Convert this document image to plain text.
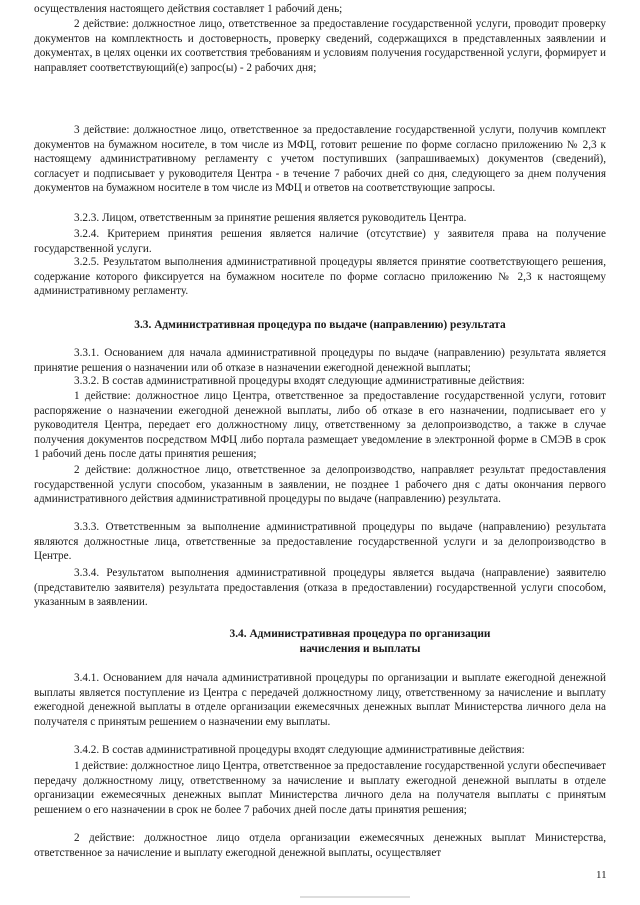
осуществления настоящего действия составляет 1 рабочий день;

2 действие: должностное лицо, ответственное за предоставление государственной услуги, проводит проверку документов на комплектность и достоверность, проверку сведений, содержащихся в представленных заявлении и документах, в целях оценки их соответствия требованиям и условиям получения государственной услуги, формирует и направляет соответствующий(е) запрос(ы) - 2 рабочих дня;

3 действие: должностное лицо, ответственное за предоставление государственной услуги, получив комплект документов на бумажном носителе, в том числе из МФЦ, готовит решение по форме согласно приложению № 2,3 к настоящему административному регламенту с учетом поступивших (запрашиваемых) документов (сведений), согласует и подписывает у руководителя Центра - в течение 7 рабочих дней со дня, следующего за днем получения документов на бумажном носителе в том числе из МФЦ и ответов на соответствующие запросы.

3.2.3. Лицом, ответственным за принятие решения является руководитель Центра.

3.2.4. Критерием принятия решения является наличие (отсутствие) у заявителя права на получение государственной услуги.

3.2.5. Результатом выполнения административной процедуры является принятие соответствующего решения, содержание которого фиксируется на бумажном носителе по форме согласно приложению № 2,3 к настоящему административному регламенту.

3.3. Административная процедура по выдаче (направлению) результата

3.3.1. Основанием для начала административной процедуры по выдаче (направлению) результата является принятие решения о назначении или об отказе в назначении ежегодной денежной выплаты;

3.3.2. В состав административной процедуры входят следующие административные действия:

1 действие: должностное лицо Центра, ответственное за предоставление государственной услуги, готовит распоряжение о назначении ежегодной денежной выплаты, либо об отказе в его назначении, подписывает его у руководителя Центра, передает его должностному лицу, ответственному за делопроизводство, а также в случае получения документов посредством МФЦ либо портала размещает уведомление в электронной форме в СМЭВ в срок 1 рабочий день после даты принятия решения;

2 действие: должностное лицо, ответственное за делопроизводство, направляет результат предоставления государственной услуги способом, указанным в заявлении, не позднее 1 рабочего дня с даты окончания первого административного действия административной процедуры по выдаче (направлению) результата.

3.3.3. Ответственным за выполнение административной процедуры по выдаче (направлению) результата являются должностные лица, ответственные за предоставление государственной услуги и за делопроизводство в Центре.

3.3.4. Результатом выполнения административной процедуры является выдача (направление) заявителю (представителю заявителя) результата предоставления (отказа в предоставлении) государственной услуги способом, указанным в заявлении.

3.4. Административная процедура по организации

начисления и выплаты

3.4.1. Основанием для начала административной процедуры по организации и выплате ежегодной денежной выплаты является поступление из Центра с передачей должностному лицу, ответственному за начисление и выплату ежегодной денежной выплаты в отделе организации ежемесячных денежных выплат Министерства личного дела на получателя с принятым решением о назначении ему выплаты.

3.4.2. В состав административной процедуры входят следующие административные действия:

1 действие: должностное лицо Центра, ответственное за предоставление государственной услуги обеспечивает передачу должностному лицу, ответственному за начисление и выплату ежегодной денежной выплаты в отделе организации ежемесячных денежных выплат Министерства личного дела на получателя выплаты с принятым решением о его назначении в срок не более 7 рабочих дней после даты принятия решения;

2 действие: должностное лицо отдела организации ежемесячных денежных выплат Министерства, ответственное за начисление и выплату ежегодной денежной выплаты, осуществляет

11
